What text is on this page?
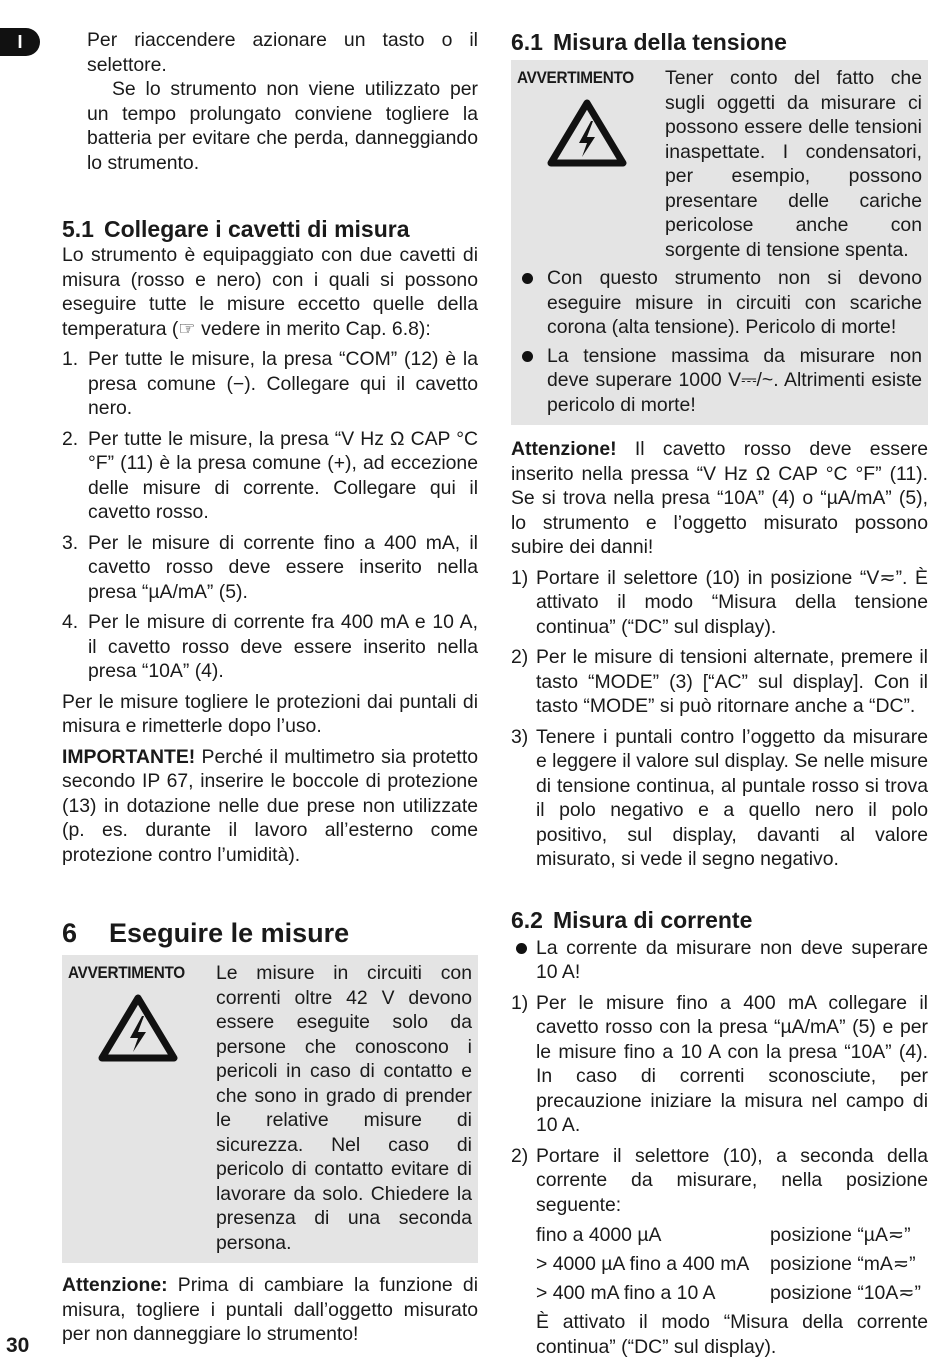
I
30

Per riaccendere azionare un tasto o il selettore.

Se lo strumento non viene utilizzato per un tempo prolungato conviene togliere la batteria per evitare che perda, danneggiando lo strumento.

5.1 Collegare i cavetti di misura

Lo strumento è equipaggiato con due cavetti di misura (rosso e nero) con i quali si possono eseguire tutte le misure eccetto quelle della temperatura (☞ vedere in merito Cap. 6.8):

1. Per tutte le misure, la presa “COM” (12) è la presa comune (−). Collegare qui il cavetto nero.
2. Per tutte le misure, la presa “V Hz Ω CAP °C °F” (11) è la presa comune (+), ad eccezione delle misure di corrente. Collegare qui il cavetto rosso.
3. Per le misure di corrente fino a 400 mA, il cavetto rosso deve essere inserito nella presa “µA/mA” (5).
4. Per le misure di corrente fra 400 mA e 10 A, il cavetto rosso deve essere inserito nella presa “10A” (4).

Per le misure togliere le protezioni dai puntali di misura e rimetterle dopo l’uso.

IMPORTANTE! Perché il multimetro sia protetto secondo IP 67, inserire le boccole di protezione (13) in dotazione nelle due prese non utilizzate (p. es. durante il lavoro all’esterno come protezione contro l’umidità).

6 Eseguire le misure
AVVERTIMENTO	Le misure in circuiti con correnti oltre 42 V devono essere eseguite solo da persone che conoscono i pericoli in caso di contatto e che sono in grado di prender le relative misure di sicurezza. Nel caso di pericolo di contatto evitare di lavorare da solo. Chiedere la presenza di una seconda persona.

Attenzione: Prima di cambiare la funzione di misura, togliere i puntali dall’oggetto misurato per non danneggiare lo strumento!

6.1 Misura della tensione
AVVERTIMENTO	Tener conto del fatto che sugli oggetti da misurare ci possono essere delle tensioni inaspettate. I condensatori, per esempio, possono presentare delle cariche pericolose anche con sorgente di tensione spenta.
Con questo strumento non si devono eseguire misure in circuiti con scariche corona (alta tensione). Pericolo di morte!
La tensione massima da misurare non deve superare 1000 V⎓/~. Altrimenti esiste pericolo di morte!

Attenzione! Il cavetto rosso deve essere inserito nella pressa “V Hz Ω CAP °C °F” (11). Se si trova nella presa “10A” (4) o “µA/mA” (5), lo strumento e l’oggetto misurato possono subire dei danni!

1) Portare il selettore (10) in posizione “V≂”. È attivato il modo “Misura della tensione continua” (“DC” sul display).
2) Per le misure di tensioni alternate, premere il tasto “MODE” (3) [“AC” sul display]. Con il tasto “MODE” si può ritornare anche a “DC”.
3) Tenere i puntali contro l’oggetto da misurare e leggere il valore sul display. Se nelle misure di tensione continua, al puntale rosso si trova il polo negativo e a quello nero il polo positivo, sul display, davanti al valore misurato, si vede il segno negativo.
6.2 Misura di corrente
La corrente da misurare non deve superare 10 A!
1) Per le misure fino a 400 mA collegare il cavetto rosso con la presa “µA/mA” (5) e per le misure fino a 10 A con la presa “10A” (4). In caso di correnti sconosciute, per precauzione iniziare la misura nel campo di 10 A.
2) Portare il selettore (10), a seconda della corrente da misurare, nella posizione seguente:
fino a 4000 µA	posizione “µA≂”
> 4000 µA fino a 400 mA	posizione “mA≂”
> 400 mA fino a 10 A	posizione “10A≂”

È attivato il modo “Misura della corrente continua” (“DC” sul display).
